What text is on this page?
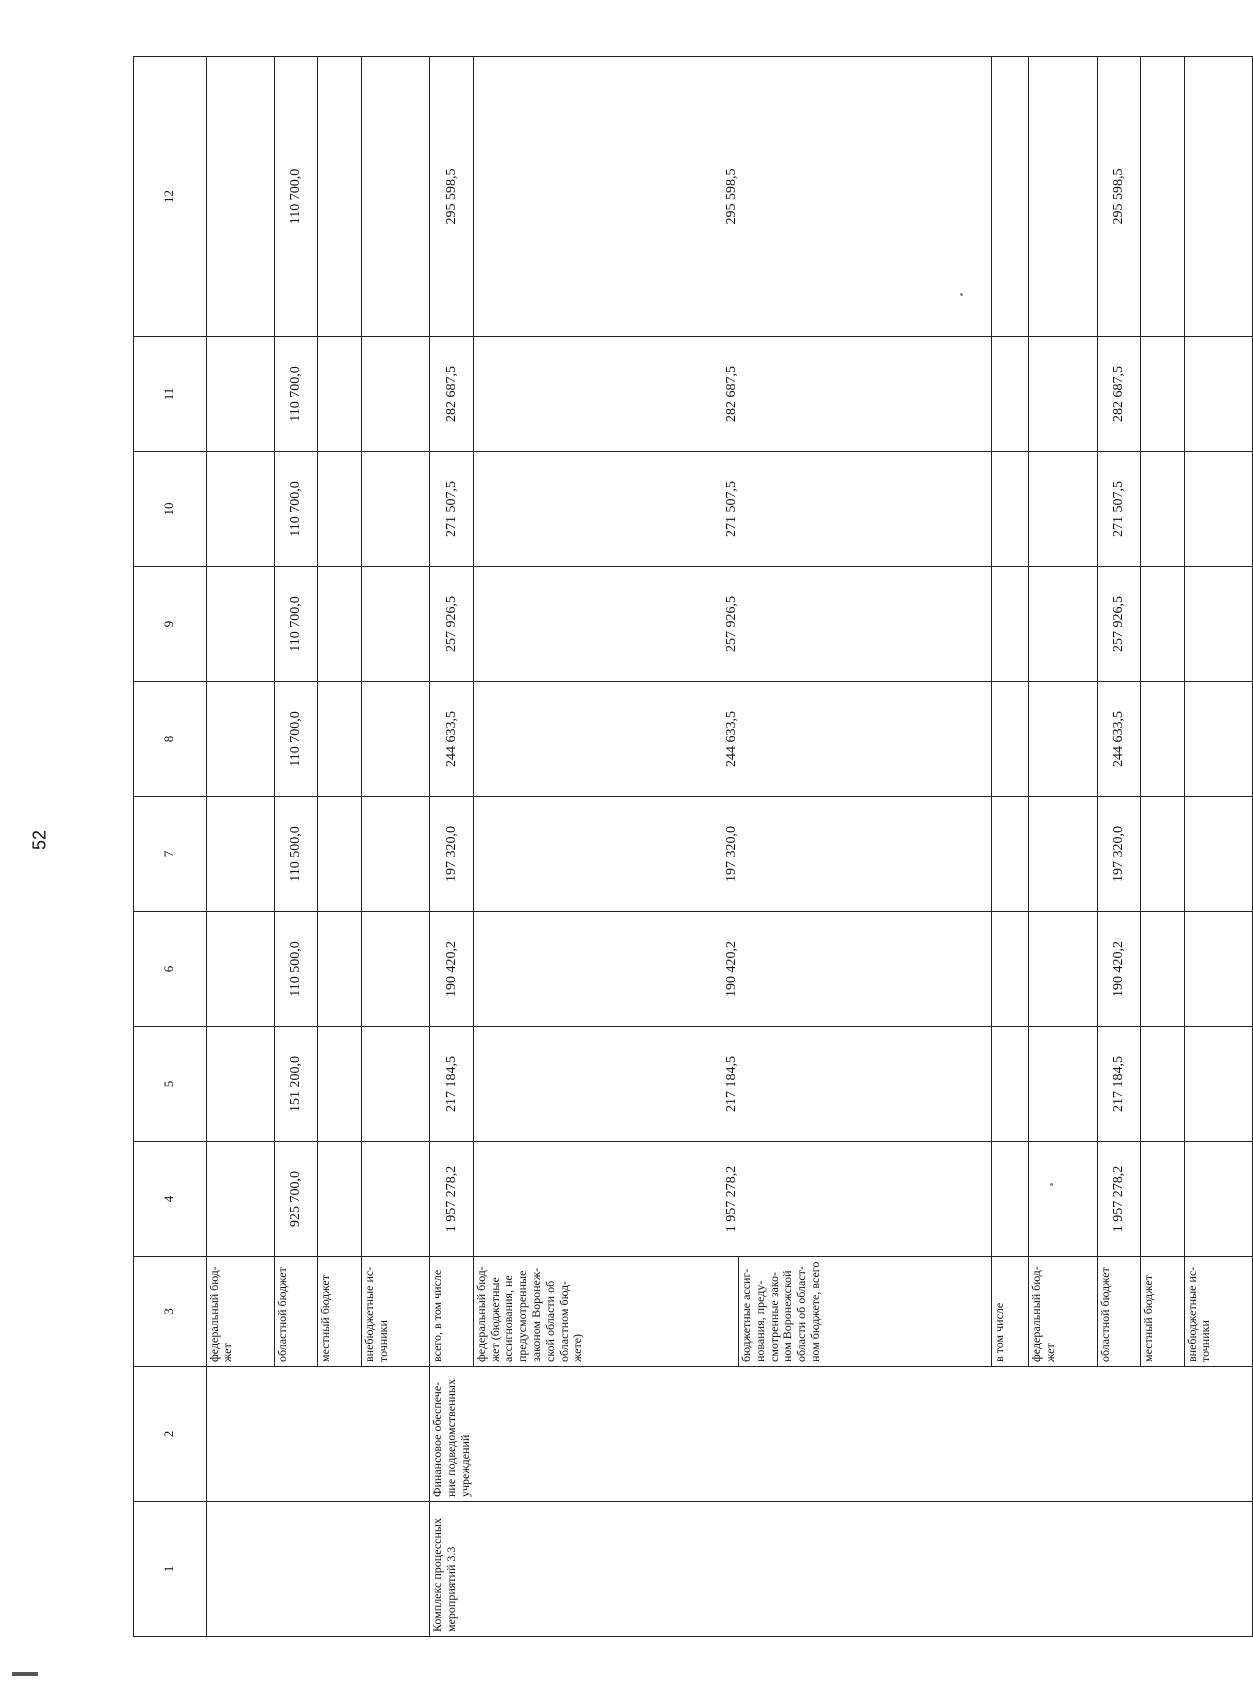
52
1	2	3	4	5	6	7	8	9	10	11	12
		федеральный бюд-жет									
		областной бюджет	925 700,0	151 200,0	110 500,0	110 500,0	110 700,0	110 700,0	110 700,0	110 700,0	110 700,0
		местный бюджет									
		внебюджетные ис-точники									
Комплекс процессных мероприятий 3.3	Финансовое обеспече-ние подведомственных учреждений	всего, в том числе	1 957 278,2	217 184,5	190 420,2	197 320,0	244 633,5	257 926,5	271 507,5	282 687,5	295 598,5
		федеральный бюд-жет (бюджетные ассигнования, не предусмотренные законом Воронеж-ской области об областном бюд-жете)	1 957 278,2	217 184,5	190 420,2	197 320,0	244 633,5	257 926,5	271 507,5	282 687,5	295 598,5
		бюджетные ассиг-нования, преду-смотренные зако-ном Воронежской области об област-ном бюджете, всего									
		в том числе									
		федеральный бюд-жет									
		областной бюджет	1 957 278,2	217 184,5	190 420,2	197 320,0	244 633,5	257 926,5	271 507,5	282 687,5	295 598,5
		местный бюджет									
		внебюджетные ис-точники									
